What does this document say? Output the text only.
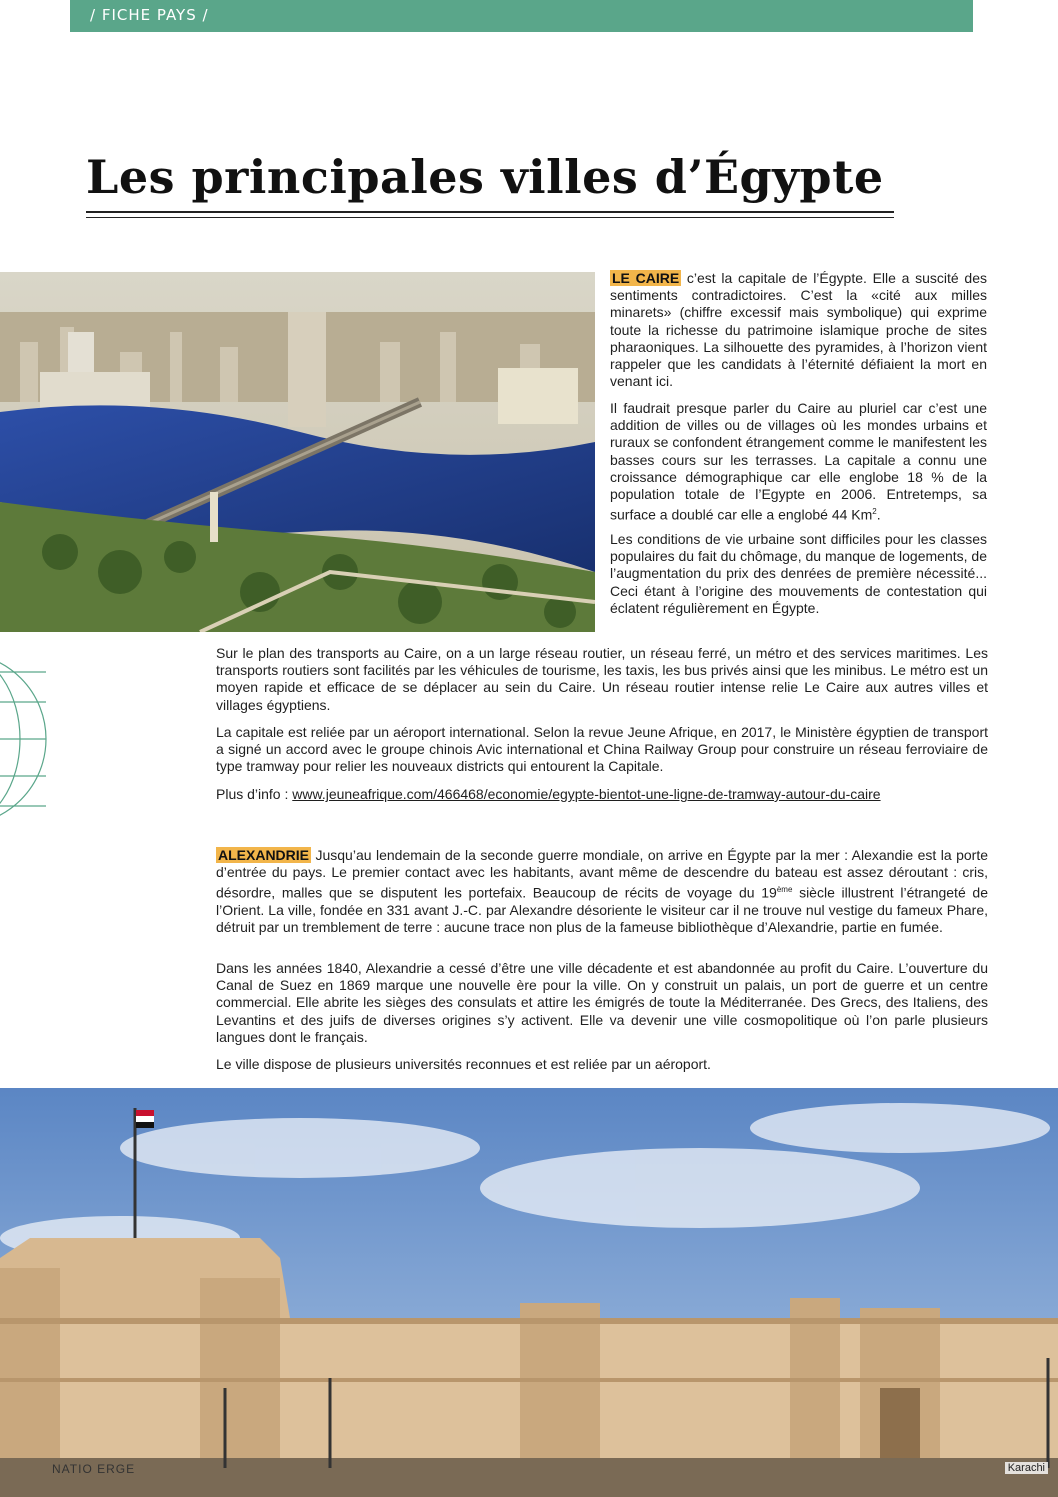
/ FICHE PAYS /
Les principales villes d’Égypte

LE CAIRE c’est la capitale de l’Égypte. Elle a suscité des sentiments contradictoires. C’est la «cité aux milles minarets» (chiffre excessif mais symbolique) qui exprime toute la richesse du patrimoine islamique proche de sites pharaoniques. La silhouette des pyramides, à l’horizon vient rappeler que les candidats à l’éternité défiaient la mort en venant ici.

Il faudrait presque parler du Caire au pluriel car c’est une addition de villes ou de villages où les mondes urbains et ruraux se confondent étrangement comme le manifestent les basses cours sur les terrasses. La capitale a connu une croissance démographique car elle englobe 18 % de la population totale de l’Egypte en 2006. Entretemps, sa surface a doublé car elle a englobé 44 Km$^2$.

Les conditions de vie urbaine sont difficiles pour les classes populaires du fait du chômage, du manque de logements, de l’augmentation du prix des denrées de première nécessité... Ceci étant à l’origine des mouvements de contestation qui éclatent régulièrement en Égypte.

Sur le plan des transports au Caire, on a un large réseau routier, un réseau ferré, un métro et des services maritimes. Les transports routiers sont facilités par les véhicules de tourisme, les taxis, les bus privés ainsi que les minibus. Le métro est un moyen rapide et efficace de se déplacer au sein du Caire. Un réseau routier intense relie Le Caire aux autres villes et villages égyptiens.

La capitale est reliée par un aéroport international. Selon la revue Jeune Afrique, en 2017, le Ministère égyptien de transport a signé un accord avec le groupe chinois Avic international et China Railway Group pour construire un réseau ferroviaire de type tramway pour relier les nouveaux districts qui entourent la Capitale.

Plus d’info : www.jeuneafrique.com/466468/economie/egypte-bientot-une-ligne-de-tramway-autour-du-caire

ALEXANDRIE Jusqu’au lendemain de la seconde guerre mondiale, on arrive en Égypte par la mer : Alexandie est la porte d’entrée du pays. Le premier contact avec les habitants, avant même de descendre du bateau est assez déroutant : cris, désordre, malles que se disputent les portefaix. Beaucoup de récits de voyage du 19ème siècle illustrent l’étrangeté de l’Orient. La ville, fondée en 331 avant J.-C. par Alexandre désoriente le visiteur car il ne trouve nul vestige du fameux Phare, détruit par un tremblement de terre : aucune trace non plus de la fameuse bibliothèque d’Alexandrie, partie en fumée.

Dans les années 1840, Alexandrie a cessé d’être une ville décadente et est abandonnée au profit du Caire. L’ouverture du Canal de Suez en 1869 marque une nouvelle ère pour la ville. On y construit un palais, un port de guerre et un centre commercial. Elle abrite les sièges des consulats et attire les émigrés de toute la Méditerranée. Des Grecs, des Italiens, des Levantins et des juifs de diverses origines s’y activent. Elle va devenir une ville cosmopolitique où l’on parle plusieurs langues dont le français.

Le ville dispose de plusieurs universités reconnues et est reliée par un aéroport.

NATIO ERGE	Karachi
